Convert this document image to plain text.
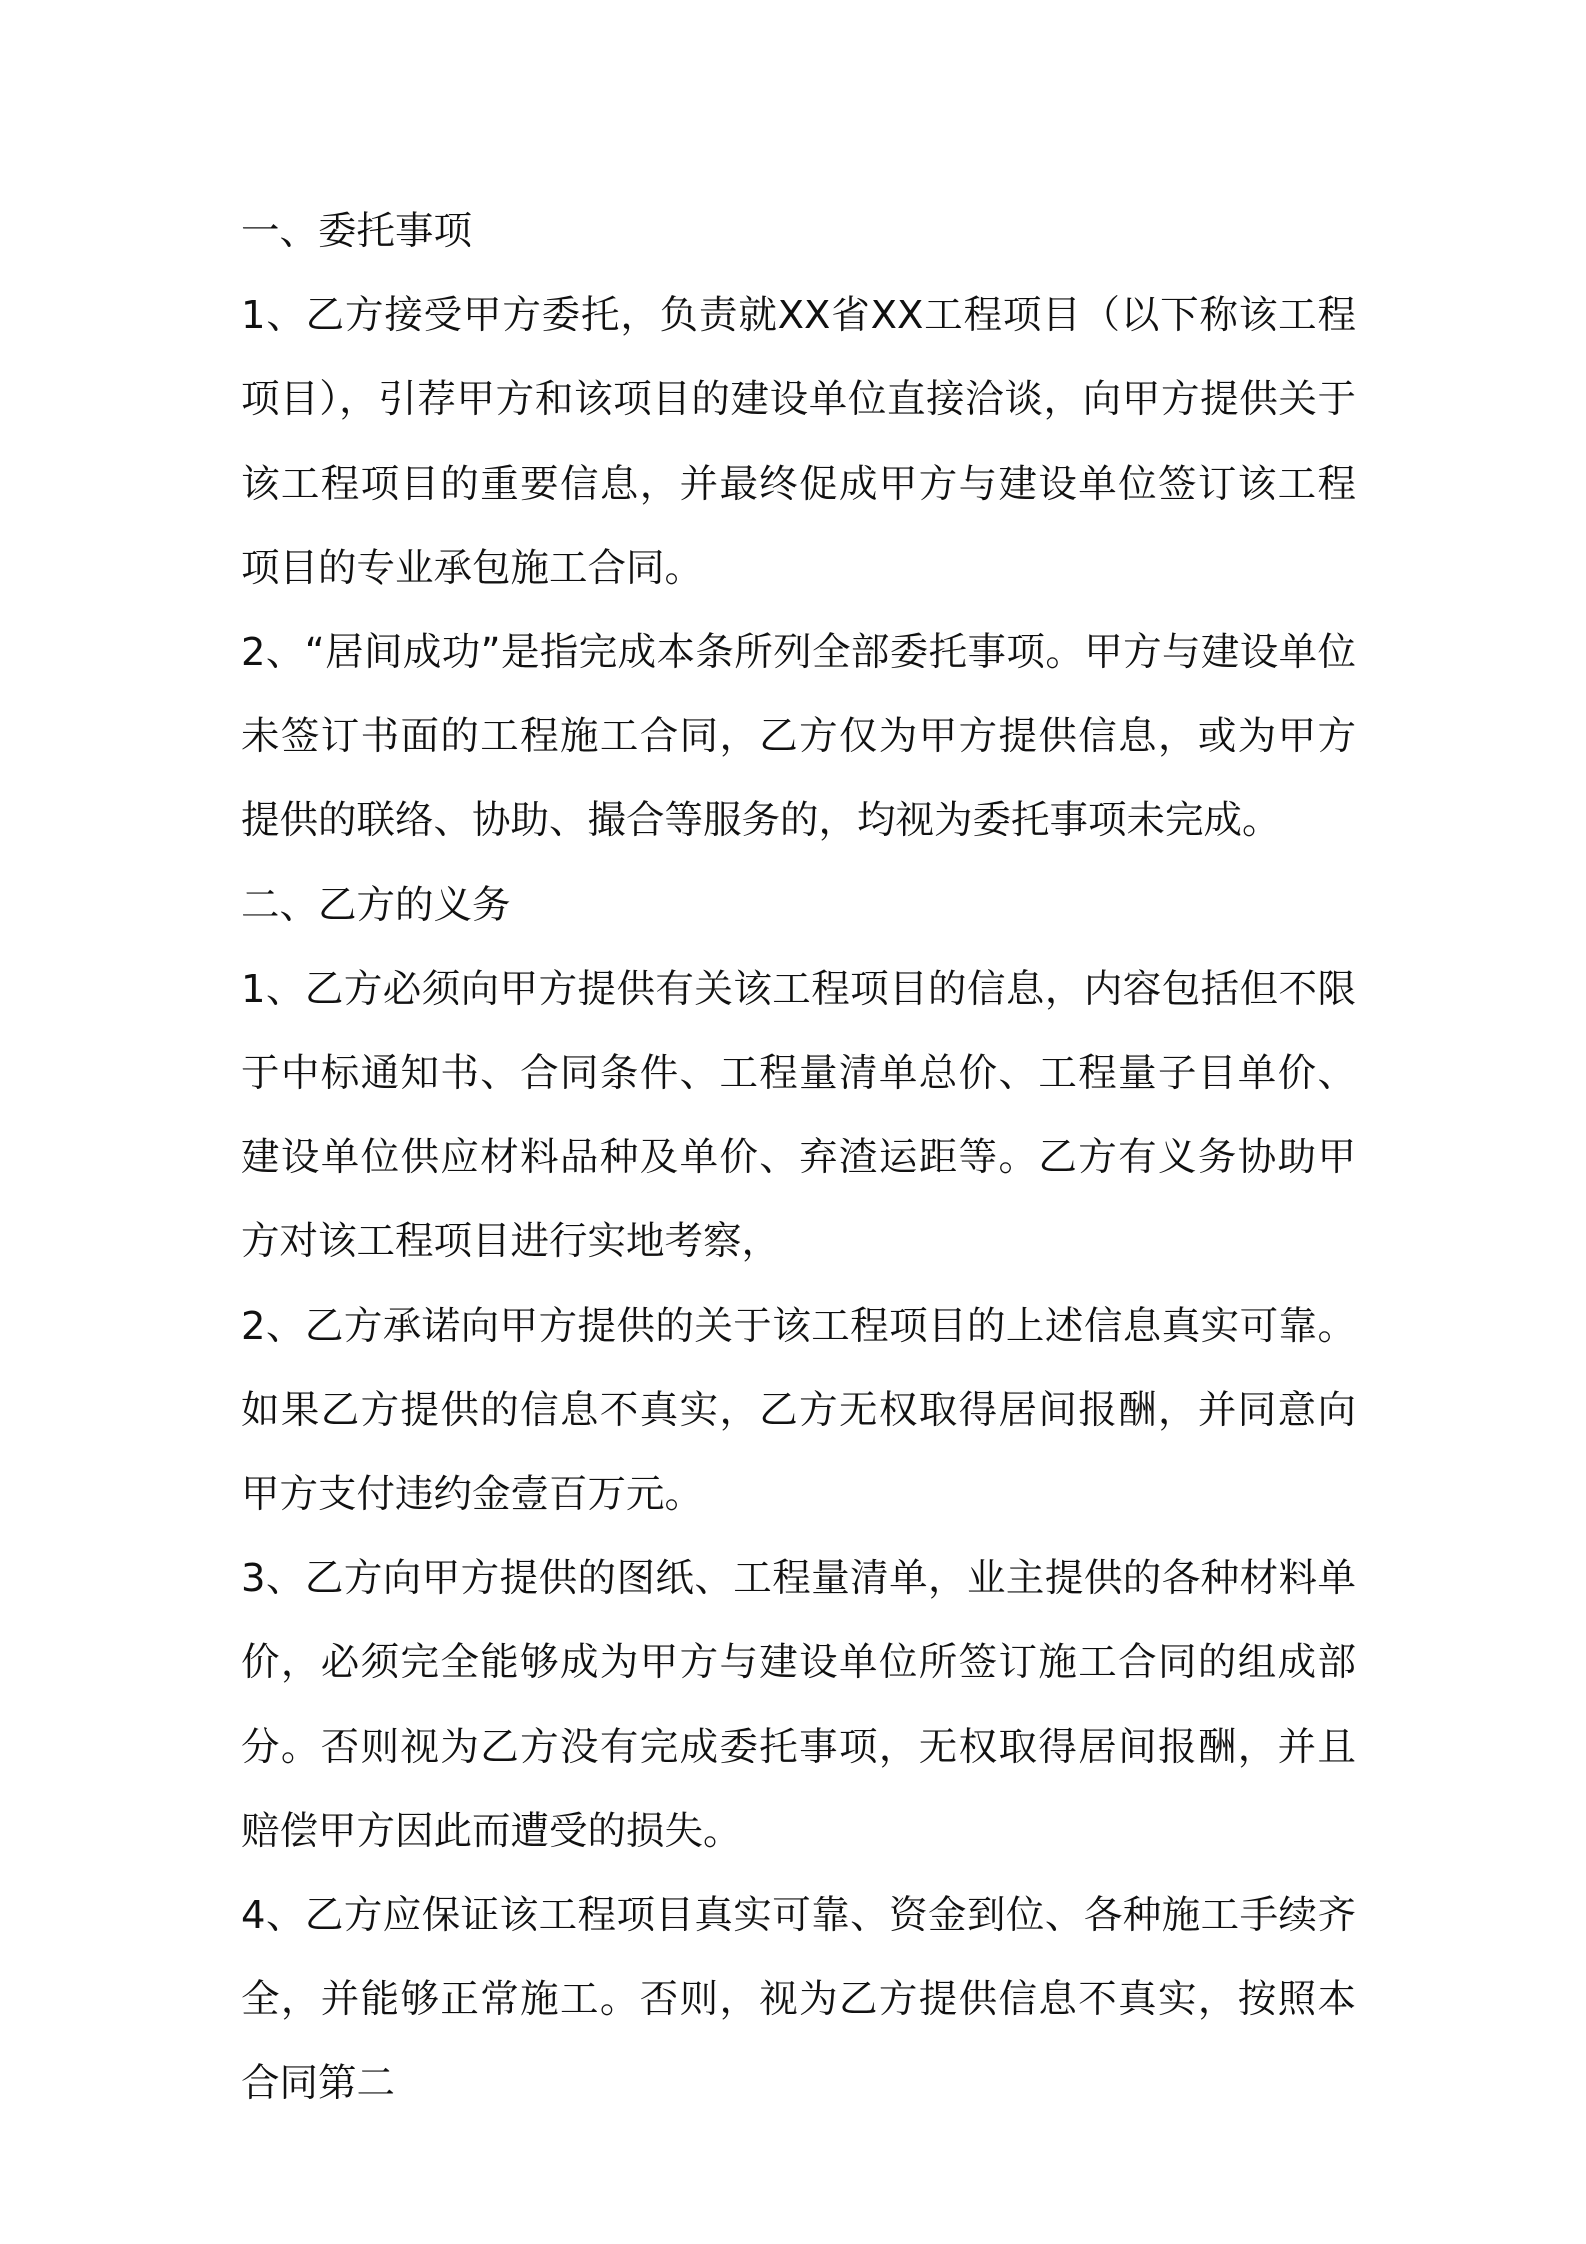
一、委托事项

1、乙方接受甲方委托，负责就XX省XX工程项目（以下称该工程项目），引荐甲方和该项目的建设单位直接洽谈，向甲方提供关于该工程项目的重要信息，并最终促成甲方与建设单位签订该工程项目的专业承包施工合同。

2、“居间成功”是指完成本条所列全部委托事项。甲方与建设单位未签订书面的工程施工合同，乙方仅为甲方提供信息，或为甲方提供的联络、协助、撮合等服务的，均视为委托事项未完成。

二、乙方的义务

1、乙方必须向甲方提供有关该工程项目的信息，内容包括但不限于中标通知书、合同条件、工程量清单总价、工程量子目单价、建设单位供应材料品种及单价、弃渣运距等。乙方有义务协助甲方对该工程项目进行实地考察，

2、乙方承诺向甲方提供的关于该工程项目的上述信息真实可靠。如果乙方提供的信息不真实，乙方无权取得居间报酬，并同意向甲方支付违约金壹百万元。

3、乙方向甲方提供的图纸、工程量清单，业主提供的各种材料单价，必须完全能够成为甲方与建设单位所签订施工合同的组成部分。否则视为乙方没有完成委托事项，无权取得居间报酬，并且赔偿甲方因此而遭受的损失。

4、乙方应保证该工程项目真实可靠、资金到位、各种施工手续齐全，并能够正常施工。否则，视为乙方提供信息不真实，按照本合同第二
